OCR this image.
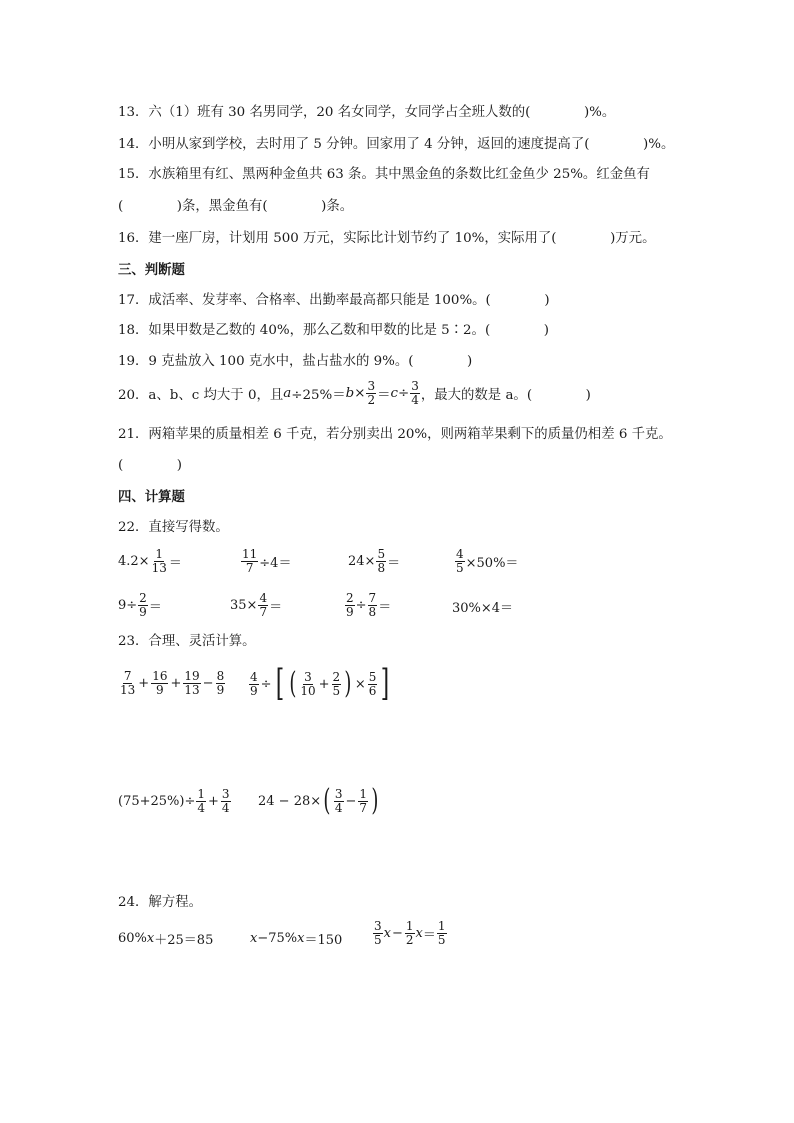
13．六（1）班有 30 名男同学，20 名女同学，女同学占全班人数的(　　　　)%。
14．小明从家到学校，去时用了 5 分钟。回家用了 4 分钟，返回的速度提高了(　　　　)%。
15．水族箱里有红、黑两种金鱼共 63 条。其中黑金鱼的条数比红金鱼少 25%。红金鱼有
(　　　　)条，黑金鱼有(　　　　)条。
16．建一座厂房，计划用 500 万元，实际比计划节约了 10%，实际用了(　　　　)万元。
三、判断题
17．成活率、发芽率、合格率、出勤率最高都只能是 100%。(　　　　)
18．如果甲数是乙数的 40%，那么乙数和甲数的比是 5∶2。(　　　　)
19．9 克盐放入 100 克水中，盐占盐水的 9%。(　　　　)
20．a、b、c 均大于 0，且 $a \div 25\%= b \times \frac{3}{2} = c \div \frac{3}{4}$ ，最大的数是 a。(　　　　)
21．两箱苹果的质量相差 6 千克，若分别卖出 20%，则两箱苹果剩下的质量仍相差 6 千克。
(　　　　)
四、计算题
22．直接写得数。
$4.2\times \frac{1}{13}$ ＝	$\frac{11}{7} \div 4=$	$24\times \frac{5}{8}$ ＝	$\frac{4}{5} \times 50\%=$
$9\div \frac{2}{9}$ ＝	$35\times \frac{4}{7}$ ＝	$\frac{2}{9} \div \frac{7}{8}$ ＝	30%×4＝
23．合理、灵活计算。
$\frac{7}{13} + \frac{16}{9} + \frac{19}{13} - \frac{8}{9} \frac{4}{9}$ ÷ [ ( $\frac{3}{10} + \frac{2}{5}$ ) × $\frac{5}{6}$ ]
$(75+25\%)\div \frac{1}{4} + \frac{3}{4} 24 - 28\times$ ( $\frac{3}{4} - \frac{1}{7}$ )
24．解方程。
60% x ＋25＝85	x −75% x ＝150	$\frac{3}{5}$ $x - \frac{1}{2}$ $x = \frac{1}{5}$
